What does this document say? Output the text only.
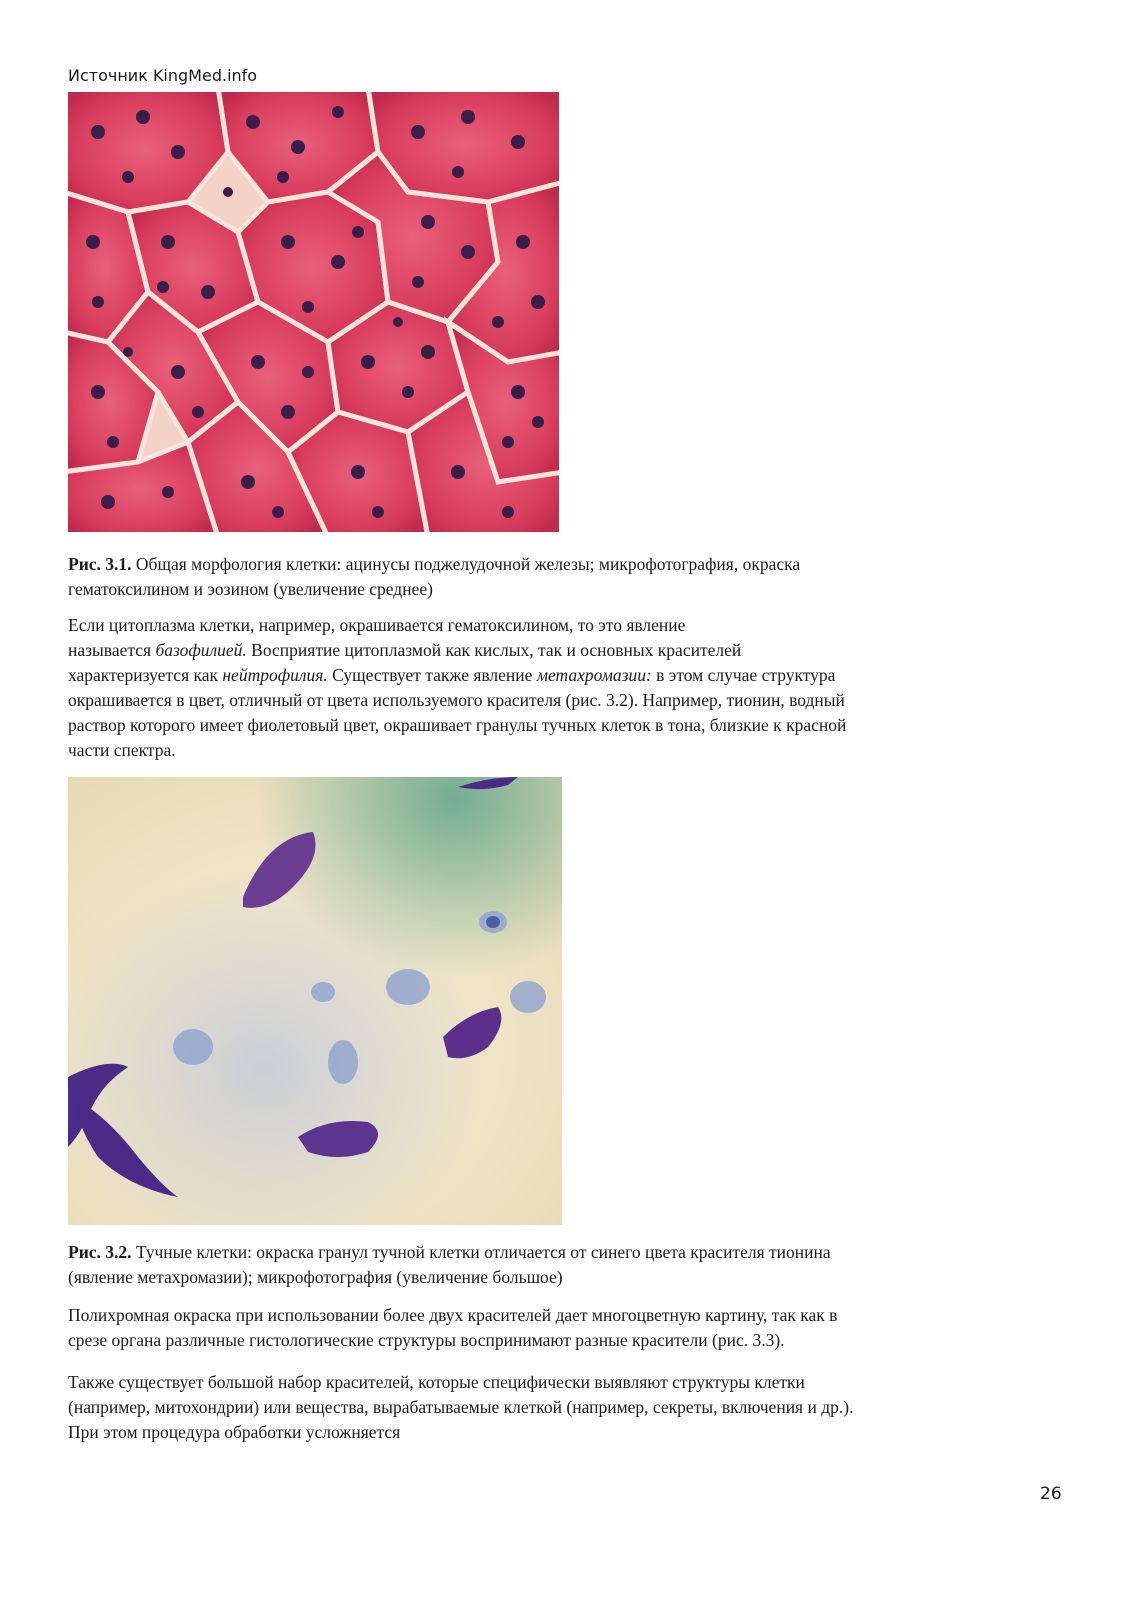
Источник KingMed.info
Рис. 3.1. Общая морфология клетки: ацинусы поджелудочной железы; микрофотография, окраска
гематоксилином и эозином (увеличение среднее)
Если цитоплазма клетки, например, окрашивается гематоксилином, то это явление
называется базофилией. Восприятие цитоплазмой как кислых, так и основных красителей
характеризуется как нейтрофилия. Существует также явление метахромазии: в этом случае структура
окрашивается в цвет, отличный от цвета используемого красителя (рис. 3.2). Например, тионин, водный
раствор которого имеет фиолетовый цвет, окрашивает гранулы тучных клеток в тона, близкие к красной
части спектра.
Рис. 3.2. Тучные клетки: окраска гранул тучной клетки отличается от синего цвета красителя тионина
(явление метахромазии); микрофотография (увеличение большое)
Полихромная окраска при использовании более двух красителей дает многоцветную картину, так как в
срезе органа различные гистологические структуры воспринимают разные красители (рис. 3.3).
Также существует большой набор красителей, которые специфически выявляют структуры клетки
(например, митохондрии) или вещества, вырабатываемые клеткой (например, секреты, включения и др.).
При этом процедура обработки усложняется
26
